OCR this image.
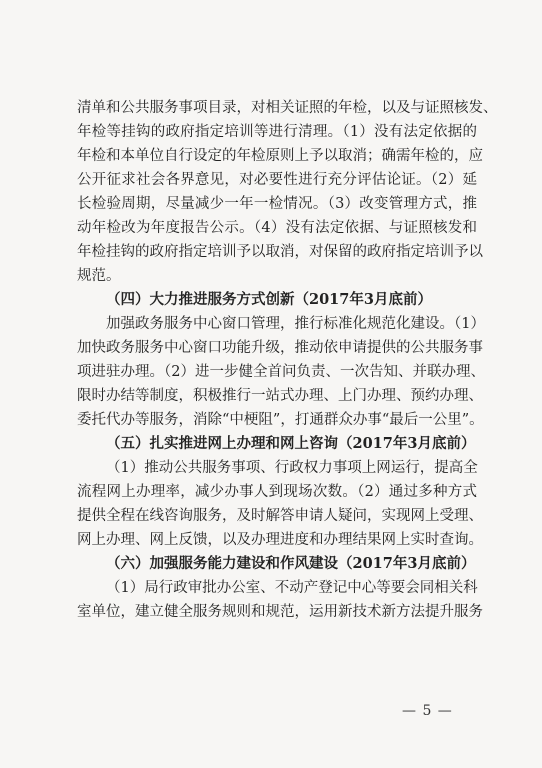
清单和公共服务事项目录，对相关证照的年检，以及与证照核发、
年检等挂钩的政府指定培训等进行清理。（1）没有法定依据的
年检和本单位自行设定的年检原则上予以取消；确需年检的，应
公开征求社会各界意见，对必要性进行充分评估论证。（2）延
长检验周期，尽量减少一年一检情况。（3）改变管理方式，推
动年检改为年度报告公示。（4）没有法定依据、与证照核发和
年检挂钩的政府指定培训予以取消，对保留的政府指定培训予以
规范。
（四）大力推进服务方式创新（2017年3月底前）
加强政务服务中心窗口管理，推行标准化规范化建设。（1）
加快政务服务中心窗口功能升级，推动依申请提供的公共服务事
项进驻办理。（2）进一步健全首问负责、一次告知、并联办理、
限时办结等制度，积极推行一站式办理、上门办理、预约办理、
委托代办等服务，消除“中梗阻”，打通群众办事“最后一公里”。
（五）扎实推进网上办理和网上咨询（2017年3月底前）
（1）推动公共服务事项、行政权力事项上网运行，提高全
流程网上办理率，减少办事人到现场次数。（2）通过多种方式
提供全程在线咨询服务，及时解答申请人疑问，实现网上受理、
网上办理、网上反馈，以及办理进度和办理结果网上实时查询。
（六）加强服务能力建设和作风建设（2017年3月底前）
（1）局行政审批办公室、不动产登记中心等要会同相关科
室单位，建立健全服务规则和规范，运用新技术新方法提升服务
— 5 —
